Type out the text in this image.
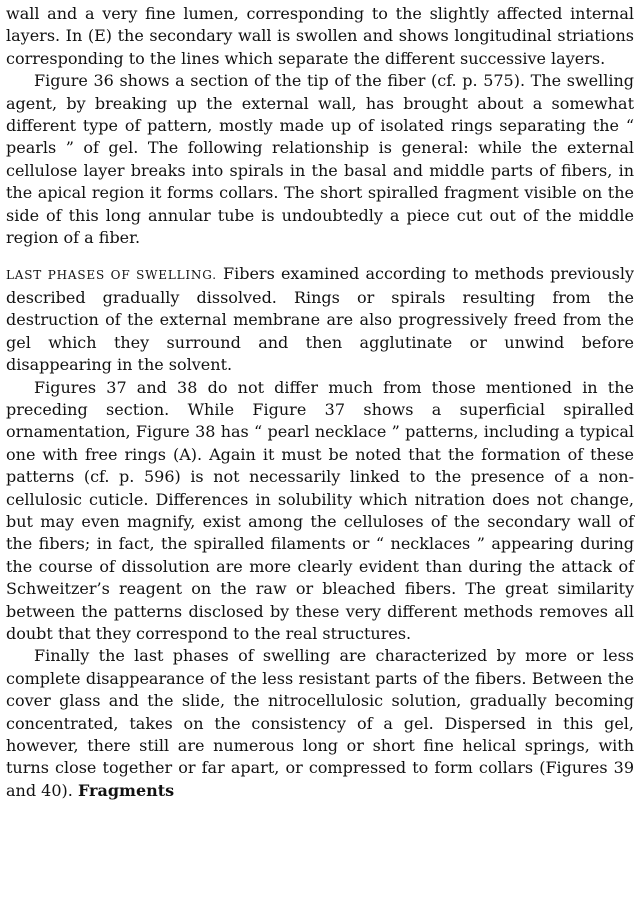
wall and a very fine lumen, corresponding to the slightly affected internal layers. In (E) the secondary wall is swollen and shows longitudinal striations corresponding to the lines which separate the different successive layers.

Figure 36 shows a section of the tip of the fiber (cf. p. 575). The swelling agent, by breaking up the external wall, has brought about a somewhat different type of pattern, mostly made up of isolated rings separating the “ pearls ” of gel. The following relationship is general: while the external cellulose layer breaks into spirals in the basal and middle parts of fibers, in the apical region it forms collars. The short spiralled fragment visible on the side of this long annular tube is undoubtedly a piece cut out of the middle region of a fiber.

LAST PHASES OF SWELLING. Fibers examined according to methods previously described gradually dissolved. Rings or spirals resulting from the destruction of the external membrane are also progressively freed from the gel which they surround and then agglutinate or unwind before disappearing in the solvent.

Figures 37 and 38 do not differ much from those mentioned in the preceding section. While Figure 37 shows a superficial spiralled ornamentation, Figure 38 has “ pearl necklace ” patterns, including a typical one with free rings (A). Again it must be noted that the formation of these patterns (cf. p. 596) is not necessarily linked to the presence of a non-cellulosic cuticle. Differences in solubility which nitration does not change, but may even magnify, exist among the celluloses of the secondary wall of the fibers; in fact, the spiralled filaments or “ necklaces ” appearing during the course of dissolution are more clearly evident than during the attack of Schweitzer’s reagent on the raw or bleached fibers. The great similarity between the patterns disclosed by these very different methods removes all doubt that they correspond to the real structures.

Finally the last phases of swelling are characterized by more or less complete disappearance of the less resistant parts of the fibers. Between the cover glass and the slide, the nitrocellulosic solution, gradually becoming concentrated, takes on the consistency of a gel. Dispersed in this gel, however, there still are numerous long or short fine helical springs, with turns close together or far apart, or compressed to form collars (Figures 39 and 40). Fragments
